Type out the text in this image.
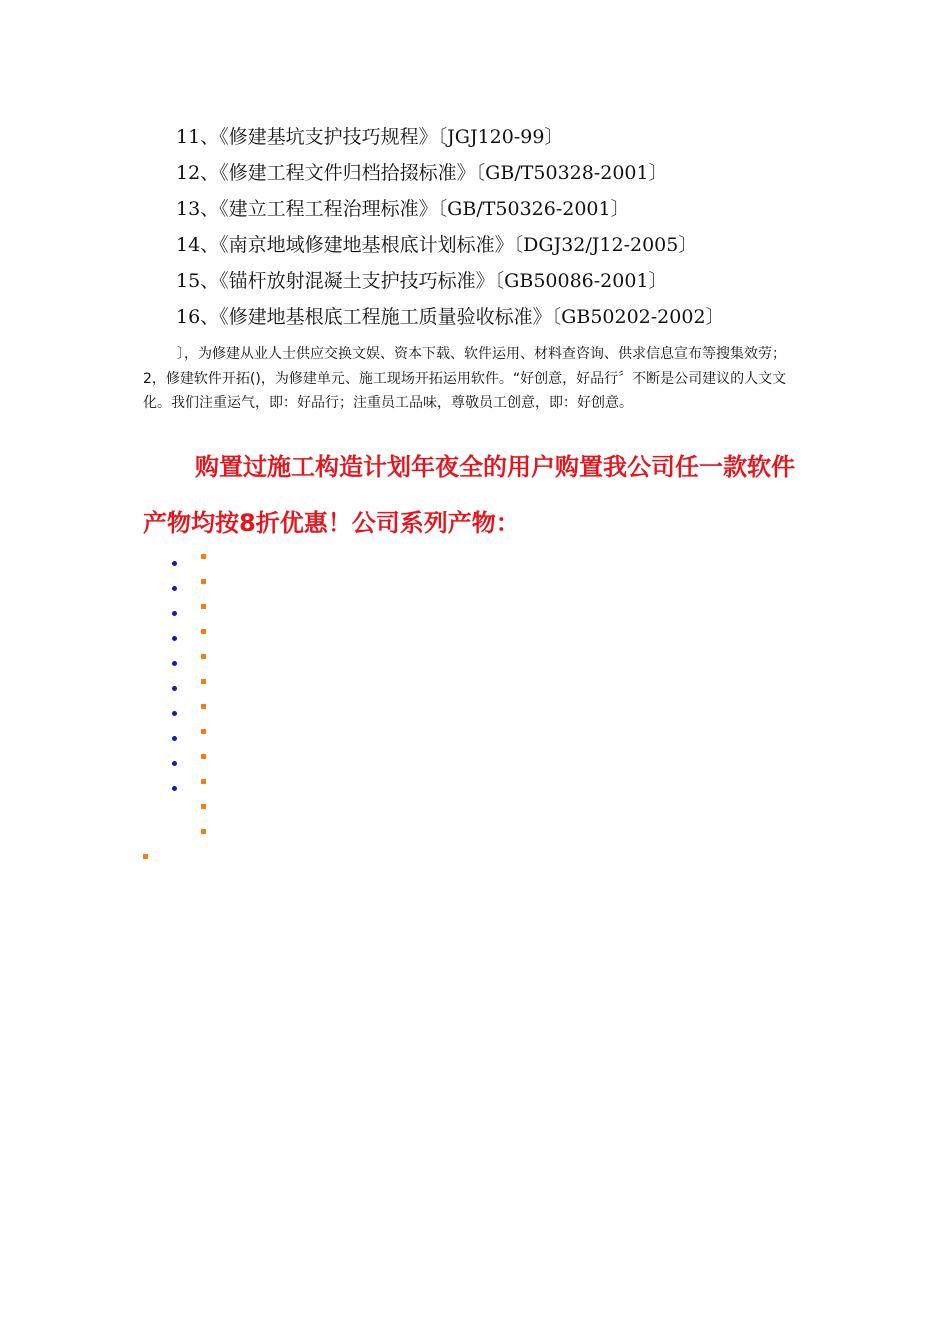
11、《修建基坑支护技巧规程》〔JGJ120-99〕
12、《修建工程文件归档拾掇标准》〔GB/T50328-2001〕
13、《建立工程工程治理标准》〔GB/T50326-2001〕
14、《南京地域修建地基根底计划标准》〔DGJ32/J12-2005〕
15、《锚杆放射混凝土支护技巧标准》〔GB50086-2001〕
16、《修建地基根底工程施工质量验收标准》〔GB50202-2002〕

〕，为修建从业人士供应交换文娱、资本下载、软件运用、材料查咨询、供求信息宣布等搜集效劳；2，修建软件开拓()，为修建单元、施工现场开拓运用软件。“好创意，好品行〞不断是公司建议的人文文化。我们注重运气，即：好品行；注重员工品味，尊敬员工创意，即：好创意。

购置过施工构造计划年夜全的用户购置我公司任一款软件产物均按8折优惠！公司系列产物：
